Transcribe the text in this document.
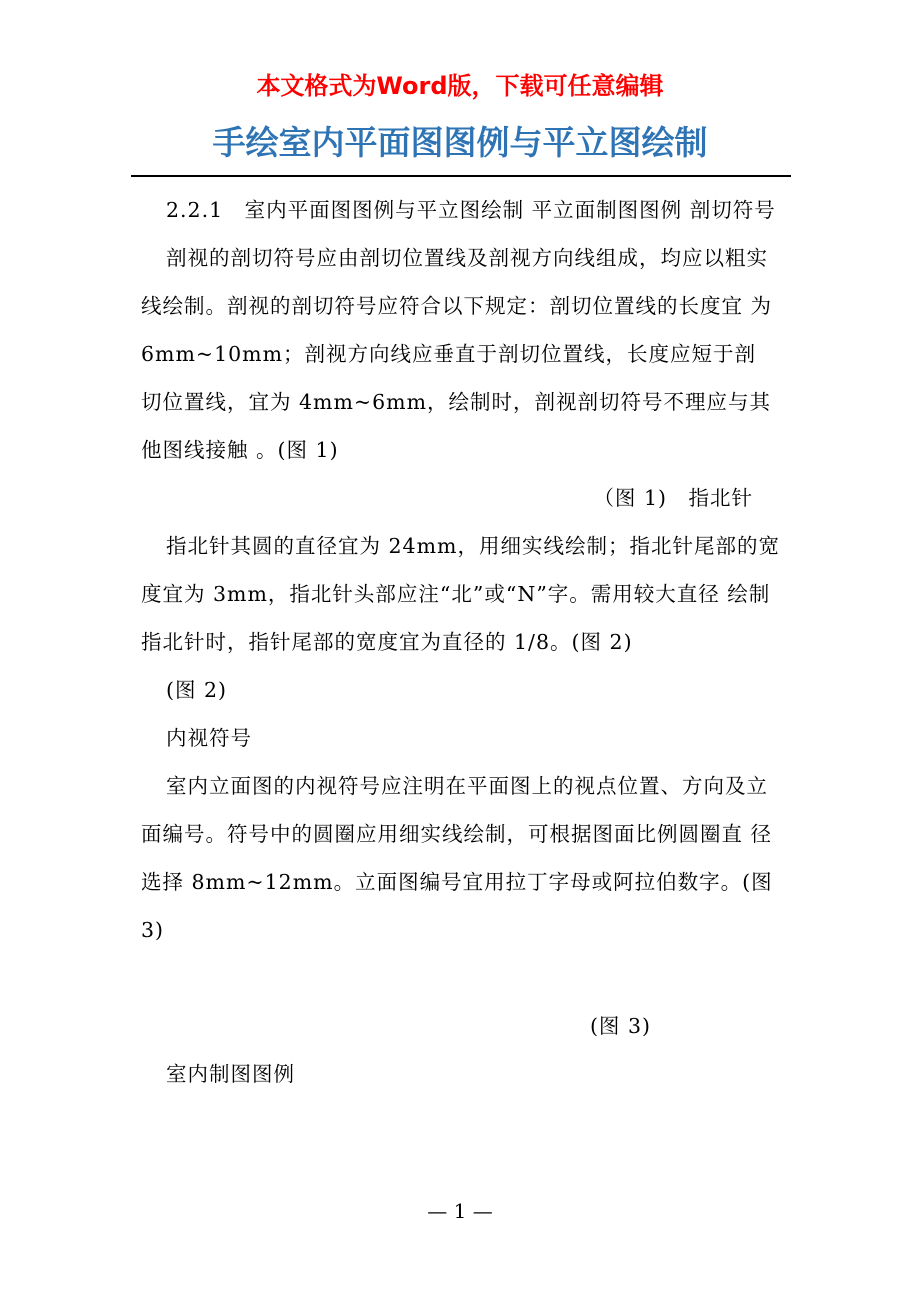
本文格式为Word版，下载可任意编辑
手绘室内平面图图例与平立图绘制

2.2.1　室内平面图图例与平立图绘制 平立面制图图例 剖切符号

剖视的剖切符号应由剖切位置线及剖视方向线组成，均应以粗实 线绘制。剖视的剖切符号应符合以下规定：剖切位置线的长度宜 为 6mm~10mm；剖视方向线应垂直于剖切位置线，长度应短于剖 切位置线，宜为 4mm~6mm，绘制时，剖视剖切符号不理应与其 他图线接触 。(图 1)

（图 1)　指北针

指北针其圆的直径宜为 24mm，用细实线绘制；指北针尾部的宽 度宜为 3mm，指北针头部应注“北”或“N”字。需用较大直径 绘制指北针时，指针尾部的宽度宜为直径的 1/8。(图 2)

(图 2)

内视符号

室内立面图的内视符号应注明在平面图上的视点位置、方向及立 面编号。符号中的圆圈应用细实线绘制，可根据图面比例圆圈直 径选择 8mm~12mm。立面图编号宜用拉丁字母或阿拉伯数字。(图 3)

(图 3)

室内制图图例

— 1 —
